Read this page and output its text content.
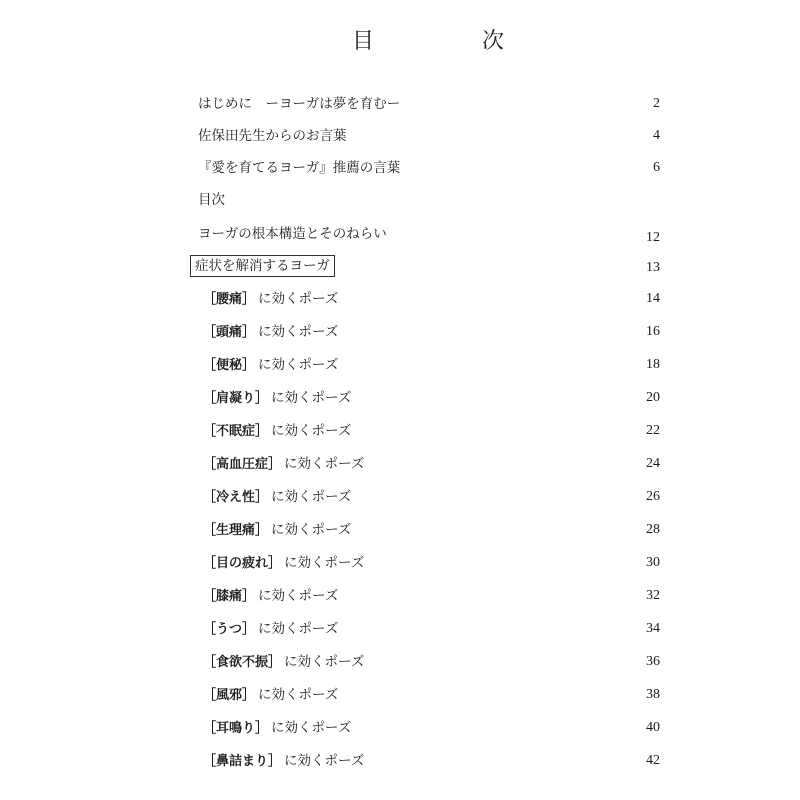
目	次
はじめに　ーヨーガは夢を育むー	2
佐保田先生からのお言葉	4
『愛を育てるヨーガ』推薦の言葉	6
目次
ヨーガの根本構造とそのねらい	12
症状を解消するヨーガ	13
［腰痛］ に効くポーズ	14
［頭痛］ に効くポーズ	16
［便秘］ に効くポーズ	18
［肩凝り］ に効くポーズ	20
［不眠症］ に効くポーズ	22
［高血圧症］ に効くポーズ	24
［冷え性］ に効くポーズ	26
［生理痛］ に効くポーズ	28
［目の疲れ］ に効くポーズ	30
［膝痛］ に効くポーズ	32
［うつ］ に効くポーズ	34
［食欲不振］ に効くポーズ	36
［風邪］ に効くポーズ	38
［耳鳴り］ に効くポーズ	40
［鼻詰まり］ に効くポーズ	42
